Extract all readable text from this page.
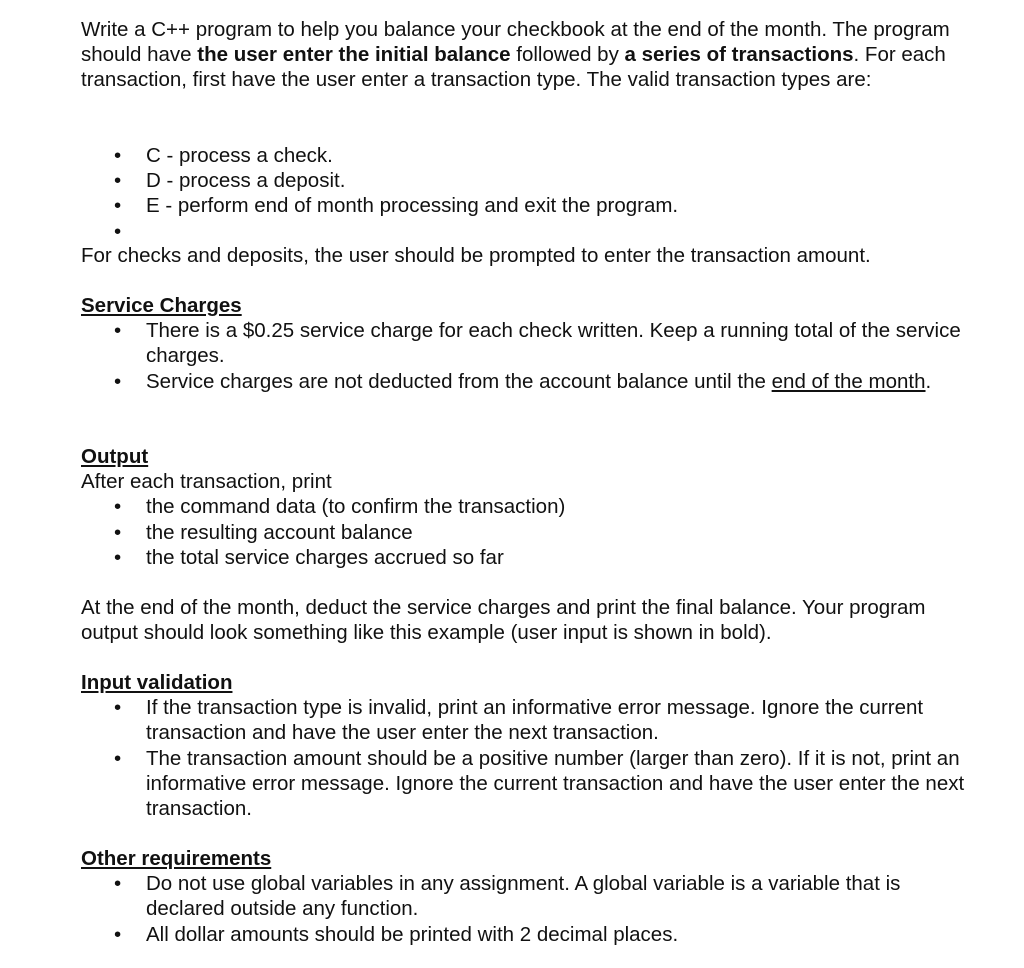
Write a C++ program to help you balance your checkbook at the end of the month. The program should have the user enter the initial balance followed by a series of transactions. For each transaction, first have the user enter a transaction type. The valid transaction types are:

• C - process a check.
• D - process a deposit.
• E - perform end of month processing and exit the program.
•

For checks and deposits, the user should be prompted to enter the transaction amount.

Service Charges
• There is a $0.25 service charge for each check written. Keep a running total of the service charges.
• Service charges are not deducted from the account balance until the end of the month.
Output
After each transaction, print
• the command data (to confirm the transaction)
• the resulting account balance
• the total service charges accrued so far

At the end of the month, deduct the service charges and print the final balance. Your program output should look something like this example (user input is shown in bold).

Input validation
• If the transaction type is invalid, print an informative error message. Ignore the current transaction and have the user enter the next transaction.
• The transaction amount should be a positive number (larger than zero). If it is not, print an informative error message. Ignore the current transaction and have the user enter the next transaction.
Other requirements
• Do not use global variables in any assignment. A global variable is a variable that is declared outside any function.
• All dollar amounts should be printed with 2 decimal places.
